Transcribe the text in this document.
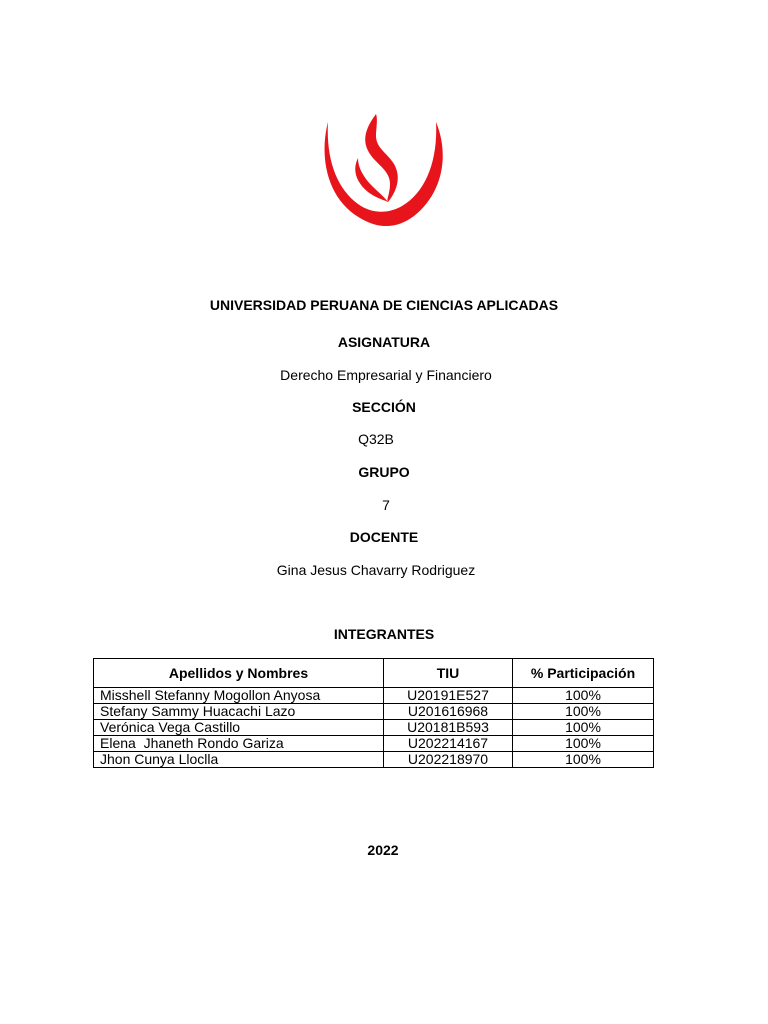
UNIVERSIDAD PERUANA DE CIENCIAS APLICADAS
ASIGNATURA
Derecho Empresarial y Financiero
SECCIÓN
Q32B
GRUPO
7
DOCENTE
Gina Jesus Chavarry Rodriguez
INTEGRANTES
Apellidos y Nombres	TIU	% Participación
Misshell Stefanny Mogollon Anyosa	U20191E527	100%
Stefany Sammy Huacachi Lazo	U201616968	100%
Verónica Vega Castillo	U20181B593	100%
Elena  Jhaneth Rondo Gariza	U202214167	100%
Jhon Cunya Lloclla	U202218970	100%
2022
